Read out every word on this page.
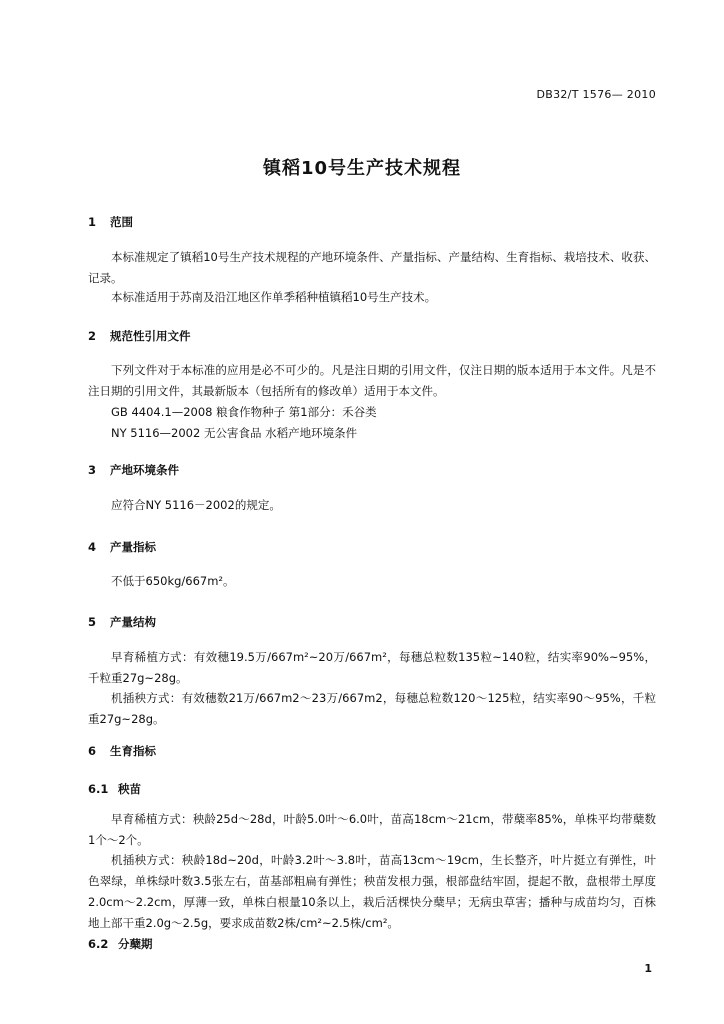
DB32/T 1576— 2010
镇稻10号生产技术规程
1 范围
本标准规定了镇稻10号生产技术规程的产地环境条件、产量指标、产量结构、生育指标、栽培技术、收获、记录。
本标准适用于苏南及沿江地区作单季稻种植镇稻10号生产技术。
2 规范性引用文件
下列文件对于本标准的应用是必不可少的。凡是注日期的引用文件，仅注日期的版本适用于本文件。凡是不注日期的引用文件，其最新版本（包括所有的修改单）适用于本文件。
GB 4404.1—2008 粮食作物种子 第1部分：禾谷类
NY 5116—2002 无公害食品 水稻产地环境条件
3 产地环境条件
应符合NY 5116－2002的规定。
4 产量指标
不低于650kg/667m²。
5 产量结构
早育稀植方式：有效穗19.5万/667m²~20万/667m²，每穗总粒数135粒~140粒，结实率90%~95%，千粒重27g~28g。
机插秧方式：有效穗数21万/667m2～23万/667m2，每穗总粒数120～125粒，结实率90～95%，千粒重27g~28g。
6 生育指标
6.1 秧苗
早育稀植方式：秧龄25d～28d，叶龄5.0叶～6.0叶，苗高18cm～21cm，带蘖率85%，单株平均带蘖数1个～2个。
机插秧方式：秧龄18d~20d，叶龄3.2叶～3.8叶，苗高13cm～19cm，生长整齐，叶片挺立有弹性，叶色翠绿，单株绿叶数3.5张左右，苗基部粗扁有弹性；秧苗发根力强，根部盘结牢固，提起不散，盘根带土厚度2.0cm～2.2cm，厚薄一致，单株白根量10条以上，栽后活棵快分蘖早；无病虫草害；播种与成苗均匀，百株地上部干重2.0g～2.5g，要求成苗数2株/cm²~2.5株/cm²。
6.2 分蘖期
1
